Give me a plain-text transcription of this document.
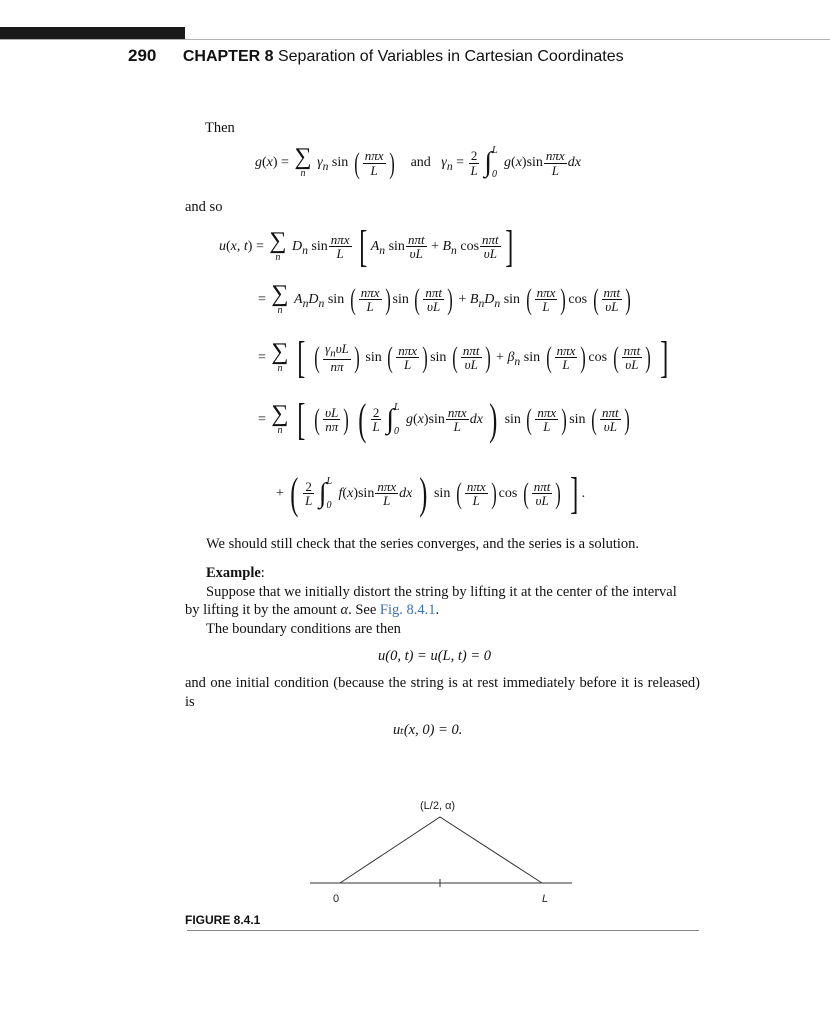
290 CHAPTER 8 Separation of Variables in Cartesian Coordinates
Then
g(x) = ∑
n
$\gamma_n$ sin ( nπx
L ) and $\gamma_n = \frac{2}{L}$
∫ L
0
g(x)sin nπx
L dx
and so
u(x, t) = ∑
n
$D_n$ sin nπx
L
[ $A_n$ sin nπt
$\upsilon L + B_n$ cos nπt
υL ]
= ∑
n
$A_nD_n$ sin ( nπx
L ) sin ( nπt
υL ) + $B_nD_n$ sin ( nπx
L ) cos ( nπt
υL )
= ∑
n
[
( $\gamma_n\upsilon L$
nπ ) sin ( nπx
L ) sin ( nπt
υL ) + $\beta_n$ sin ( nπx
L ) cos ( nπt
υL )
]
= ∑
n
[
( υL
nπ )
( $\frac{2}{L}$
∫ L
0
g(x)sin nπx
L dx ) sin ( nπx
L ) sin ( nπt
υL )
+ ( $\frac{2}{L}$
∫ L
0
f(x)sin nπx
L dx ) sin ( nπx
L ) cos ( nπt
υL )
] .
We should still check that the series converges, and the series is a solution.
Example:
Suppose that we initially distort the string by lifting it at the center of the interval
by lifting it by the amount α. See Fig. 8.4.1.
The boundary conditions are then
u(0, t) = u(L, t) = 0
and one initial condition (because the string is at rest immediately before it is released) is
uₜ(x, 0) = 0.
(L/2, α)
0	L
FIGURE 8.4.1
